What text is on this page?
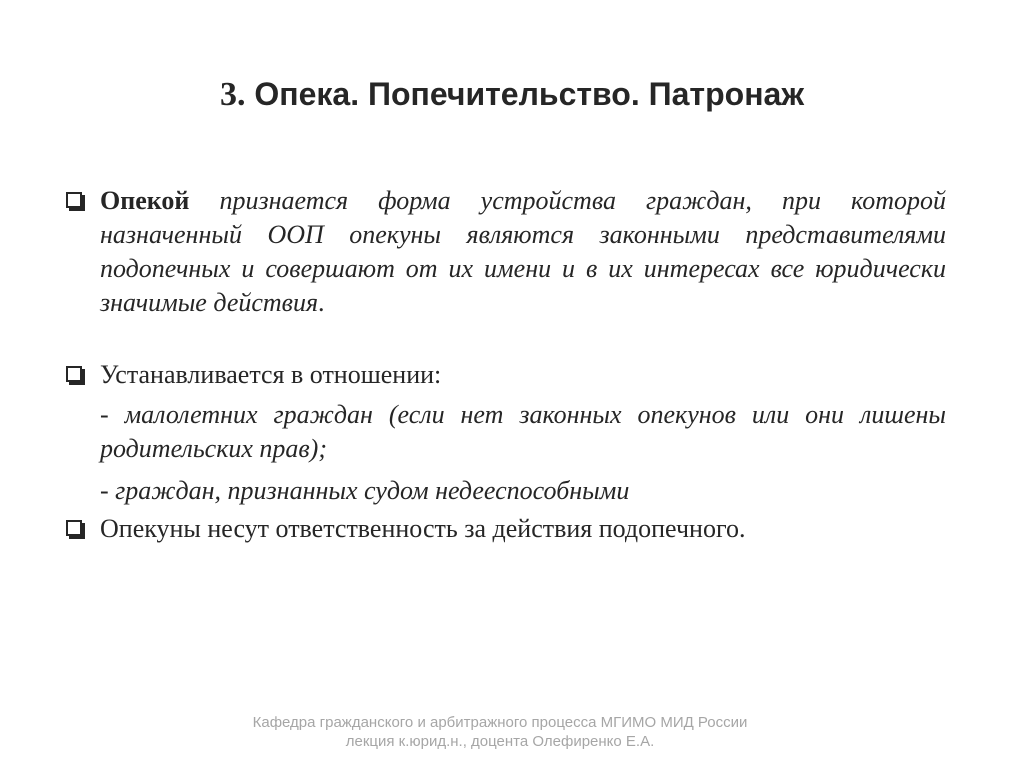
3. Опека. Попечительство. Патронаж
Опекой признается форма устройства граждан, при которой назначенный ООП опекуны являются законными представителями подопечных и совершают от их имени и в их интересах все юридически значимые действия.
Устанавливается в отношении:
- малолетних граждан (если нет законных опекунов или они лишены родительских прав);
- граждан, признанных судом недееспособными
Опекуны несут ответственность за действия подопечного.
Кафедра гражданского и арбитражного процесса МГИМО МИД России
лекция к.юрид.н., доцента Олефиренко Е.А.
